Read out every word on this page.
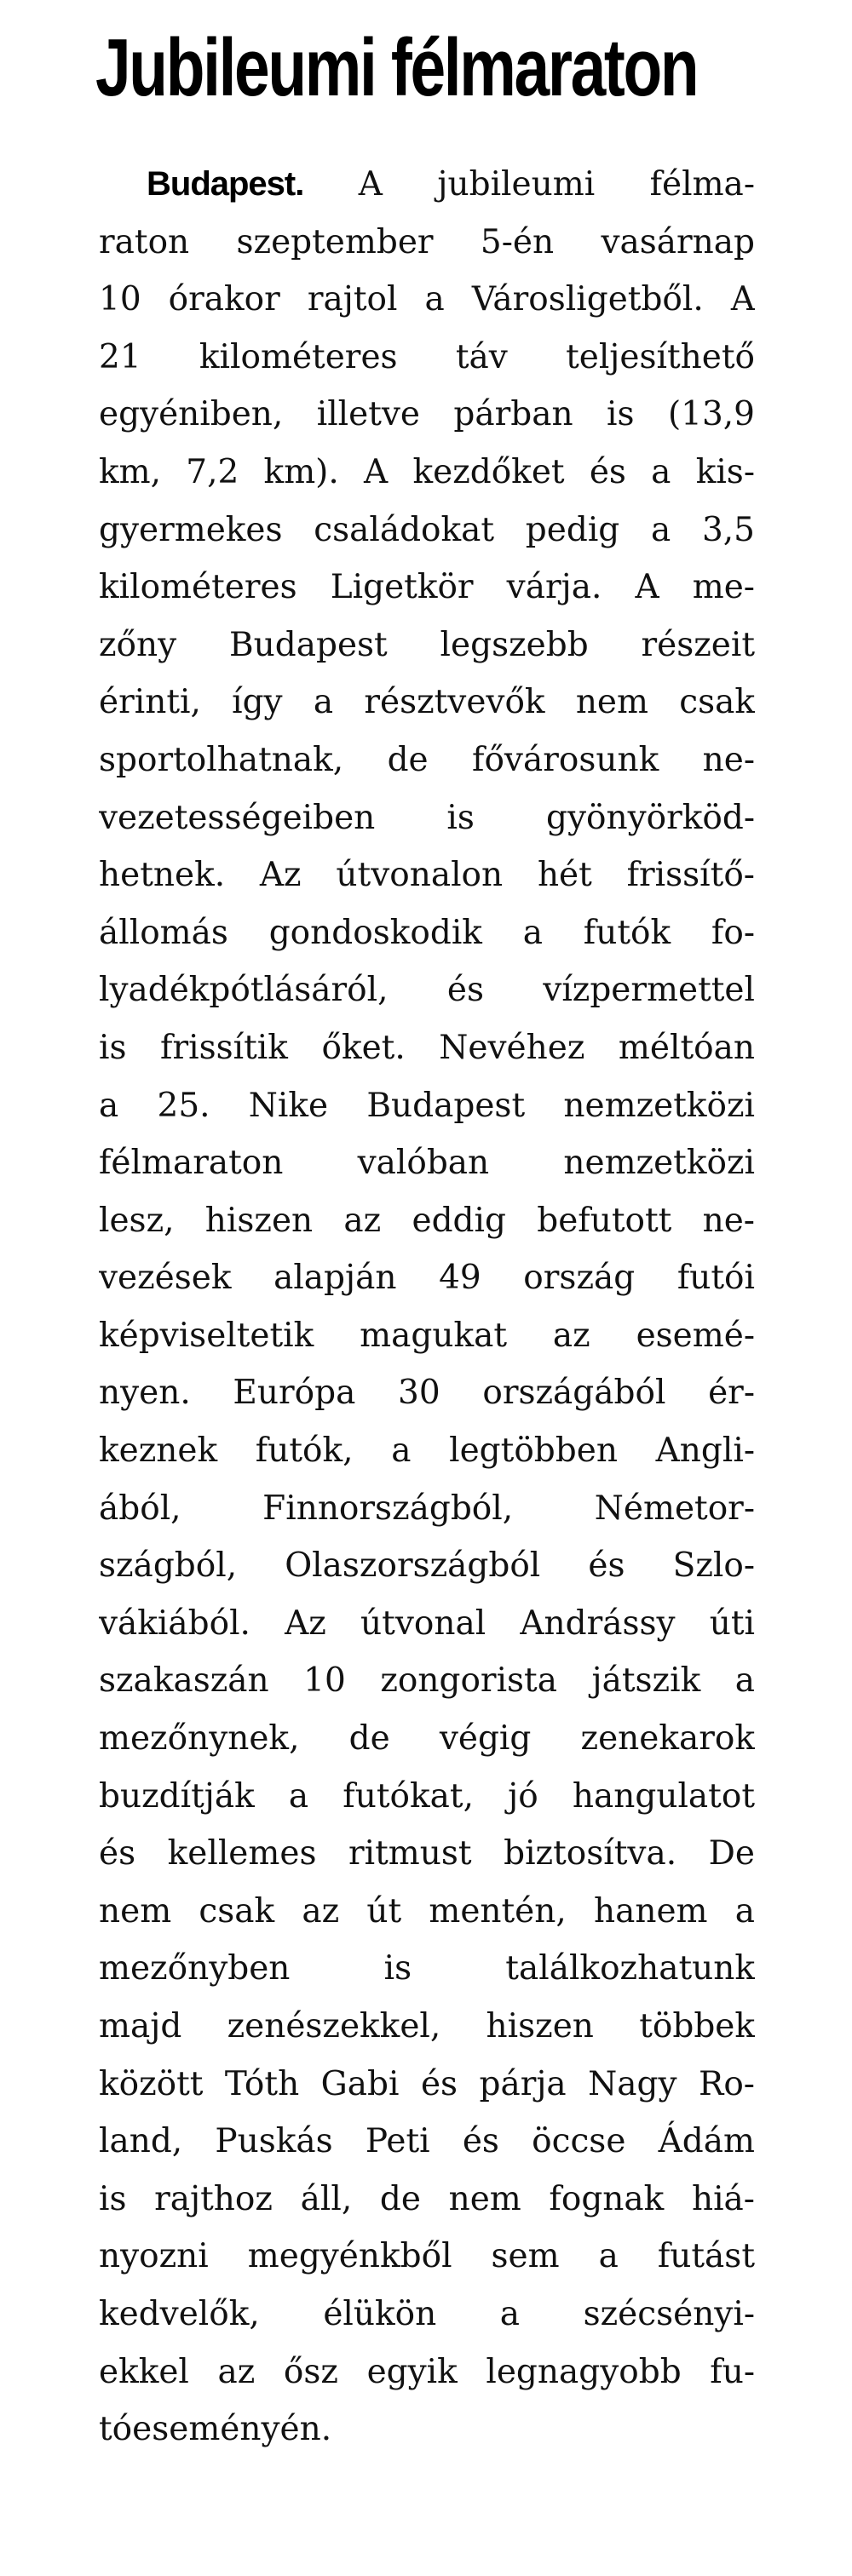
Jubileumi félmaraton
Budapest. A jubileumi félma-
raton szeptember 5-én vasárnap
10 órakor rajtol a Városligetből. A
21 kilométeres táv teljesíthető
egyéniben, illetve párban is (13,9
km, 7,2 km). A kezdőket és a kis-
gyermekes családokat pedig a 3,5
kilométeres Ligetkör várja. A me-
zőny Budapest legszebb részeit
érinti, így a résztvevők nem csak
sportolhatnak, de fővárosunk ne-
vezetességeiben is gyönyörköd-
hetnek. Az útvonalon hét frissítő-
állomás gondoskodik a futók fo-
lyadékpótlásáról, és vízpermettel
is frissítik őket. Nevéhez méltóan
a 25. Nike Budapest nemzetközi
félmaraton valóban nemzetközi
lesz, hiszen az eddig befutott ne-
vezések alapján 49 ország futói
képviseltetik magukat az esemé-
nyen. Európa 30 országából ér-
keznek futók, a legtöbben Angli-
ából, Finnországból, Németor-
szágból, Olaszországból és Szlo-
vákiából. Az útvonal Andrássy úti
szakaszán 10 zongorista játszik a
mezőnynek, de végig zenekarok
buzdítják a futókat, jó hangulatot
és kellemes ritmust biztosítva. De
nem csak az út mentén, hanem a
mezőnyben is találkozhatunk
majd zenészekkel, hiszen többek
között Tóth Gabi és párja Nagy Ro-
land, Puskás Peti és öccse Ádám
is rajthoz áll, de nem fognak hiá-
nyozni megyénkből sem a futást
kedvelők, élükön a szécsényi-
ekkel az ősz egyik legnagyobb fu-
tóeseményén.
